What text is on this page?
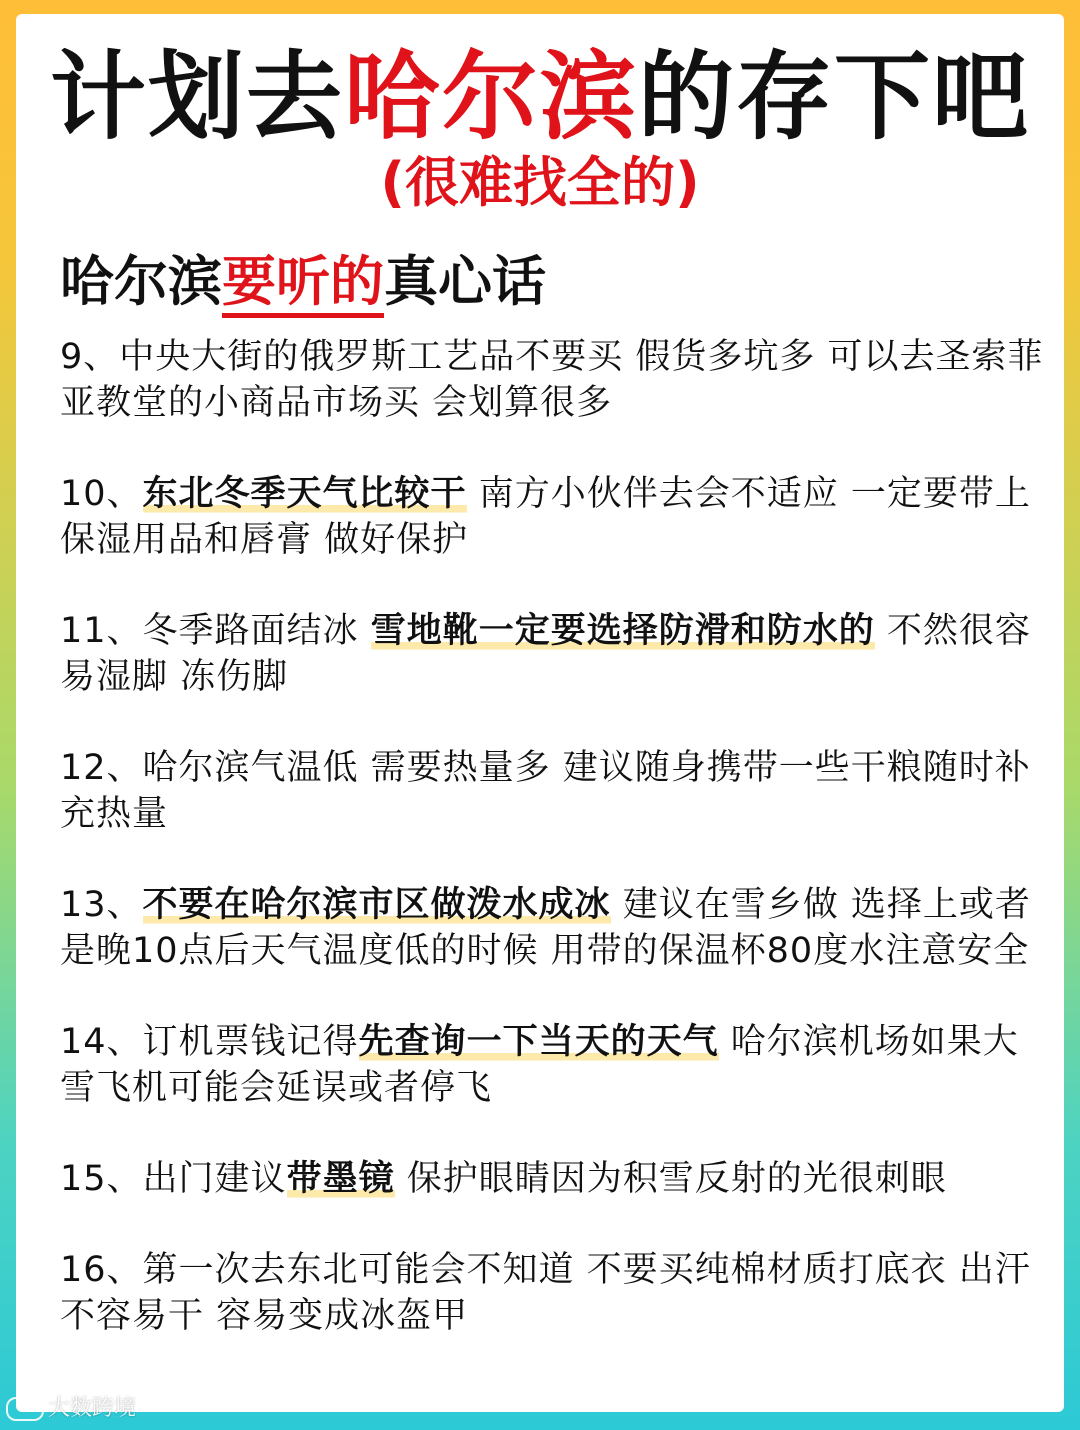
计划去哈尔滨的存下吧
(很难找全的)
哈尔滨要听的真心话

9、中央大街的俄罗斯工艺品不要买 假货多坑多 可以去圣索菲亚教堂的小商品市场买 会划算很多

10、东北冬季天气比较干 南方小伙伴去会不适应 一定要带上保湿用品和唇膏 做好保护

11、冬季路面结冰 雪地靴一定要选择防滑和防水的 不然很容易湿脚 冻伤脚

12、哈尔滨气温低 需要热量多 建议随身携带一些干粮随时补充热量

13、不要在哈尔滨市区做泼水成冰 建议在雪乡做 选择上或者是晚10点后天气温度低的时候 用带的保温杯80度水注意安全

14、订机票钱记得先查询一下当天的天气 哈尔滨机场如果大雪飞机可能会延误或者停飞

15、出门建议带墨镜 保护眼睛因为积雪反射的光很刺眼

16、第一次去东北可能会不知道 不要买纯棉材质打底衣 出汗不容易干 容易变成冰盔甲

大数跨境
